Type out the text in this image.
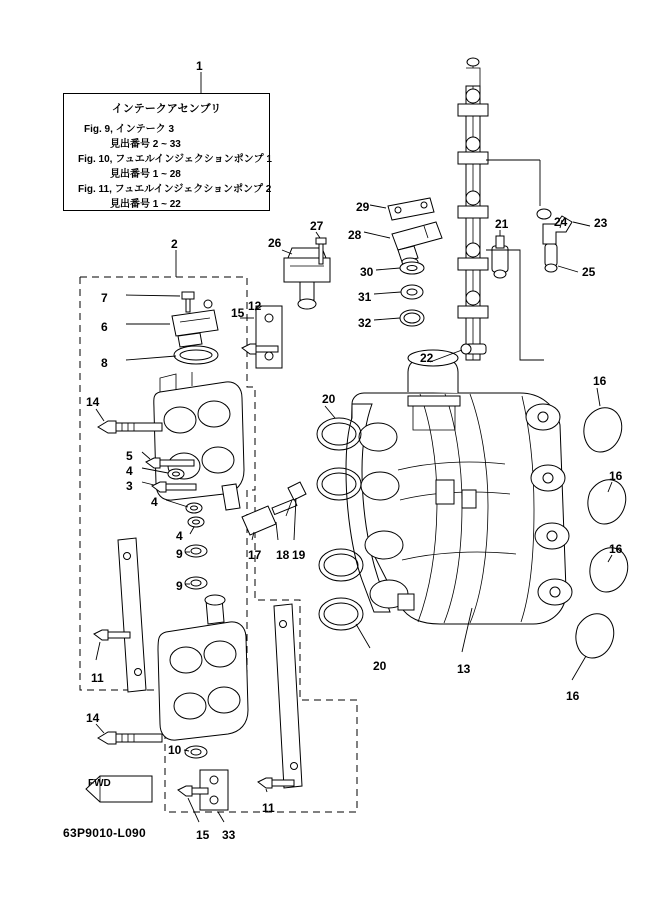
インテークアセンブリ
Fig. 9, インテーク 3
見出番号 2 ~ 33
Fig. 10, フュエルインジェクションポンプ 1
見出番号 1 ~ 28
Fig. 11, フュエルインジェクションポンプ 2
見出番号 1 ~ 22
1
2
7
6
8
14
5
4
3
4
4
9
9
11
14
10
15 33
11
17 18 19
15 12
26
27
29
28
30
31
32
22
21	24 23
25
20
20	13
16
16
16
16
63P9010-L090
FWD
